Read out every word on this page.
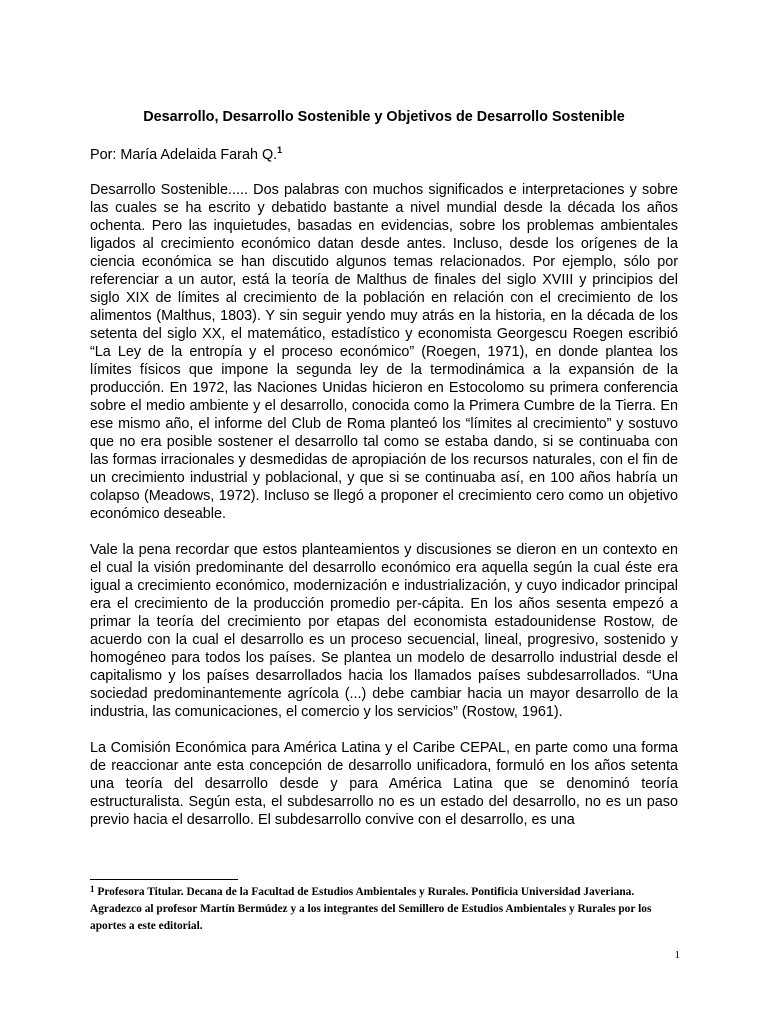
Desarrollo, Desarrollo Sostenible y Objetivos de Desarrollo Sostenible
Por: María Adelaida Farah Q.$^1$

Desarrollo Sostenible..... Dos palabras con muchos significados e interpretaciones y sobre las cuales se ha escrito y debatido bastante a nivel mundial desde la década los años ochenta. Pero las inquietudes, basadas en evidencias, sobre los problemas ambientales ligados al crecimiento económico datan desde antes. Incluso, desde los orígenes de la ciencia económica se han discutido algunos temas relacionados. Por ejemplo, sólo por referenciar a un autor, está la teoría de Malthus de finales del siglo XVIII y principios del siglo XIX de límites al crecimiento de la población en relación con el crecimiento de los alimentos (Malthus, 1803). Y sin seguir yendo muy atrás en la historia, en la década de los setenta del siglo XX, el matemático, estadístico y economista Georgescu Roegen escribió “La Ley de la entropía y el proceso económico” (Roegen, 1971), en donde plantea los límites físicos que impone la segunda ley de la termodinámica a la expansión de la producción. En 1972, las Naciones Unidas hicieron en Estocolomo su primera conferencia sobre el medio ambiente y el desarrollo, conocida como la Primera Cumbre de la Tierra. En ese mismo año, el informe del Club de Roma planteó los “límites al crecimiento” y sostuvo que no era posible sostener el desarrollo tal como se estaba dando, si se continuaba con las formas irracionales y desmedidas de apropiación de los recursos naturales, con el fin de un crecimiento industrial y poblacional, y que si se continuaba así, en 100 años habría un colapso (Meadows, 1972). Incluso se llegó a proponer el crecimiento cero como un objetivo económico deseable.

Vale la pena recordar que estos planteamientos y discusiones se dieron en un contexto en el cual la visión predominante del desarrollo económico era aquella según la cual éste era igual a crecimiento económico, modernización e industrialización, y cuyo indicador principal era el crecimiento de la producción promedio per-cápita. En los años sesenta empezó a primar la teoría del crecimiento por etapas del economista estadounidense Rostow, de acuerdo con la cual el desarrollo es un proceso secuencial, lineal, progresivo, sostenido y homogéneo para todos los países. Se plantea un modelo de desarrollo industrial desde el capitalismo y los países desarrollados hacia los llamados países subdesarrollados. “Una sociedad predominantemente agrícola (...) debe cambiar hacia un mayor desarrollo de la industria, las comunicaciones, el comercio y los servicios” (Rostow, 1961).

La Comisión Económica para América Latina y el Caribe CEPAL, en parte como una forma de reaccionar ante esta concepción de desarrollo unificadora, formuló en los años setenta una teoría del desarrollo desde y para América Latina que se denominó teoría estructuralista. Según esta, el subdesarrollo no es un estado del desarrollo, no es un paso previo hacia el desarrollo. El subdesarrollo convive con el desarrollo, es una

$^1$ Profesora Titular. Decana de la Facultad de Estudios Ambientales y Rurales. Pontificia Universidad Javeriana. Agradezco al profesor Martín Bermúdez y a los integrantes del Semillero de Estudios Ambientales y Rurales por los aportes a este editorial.
1
